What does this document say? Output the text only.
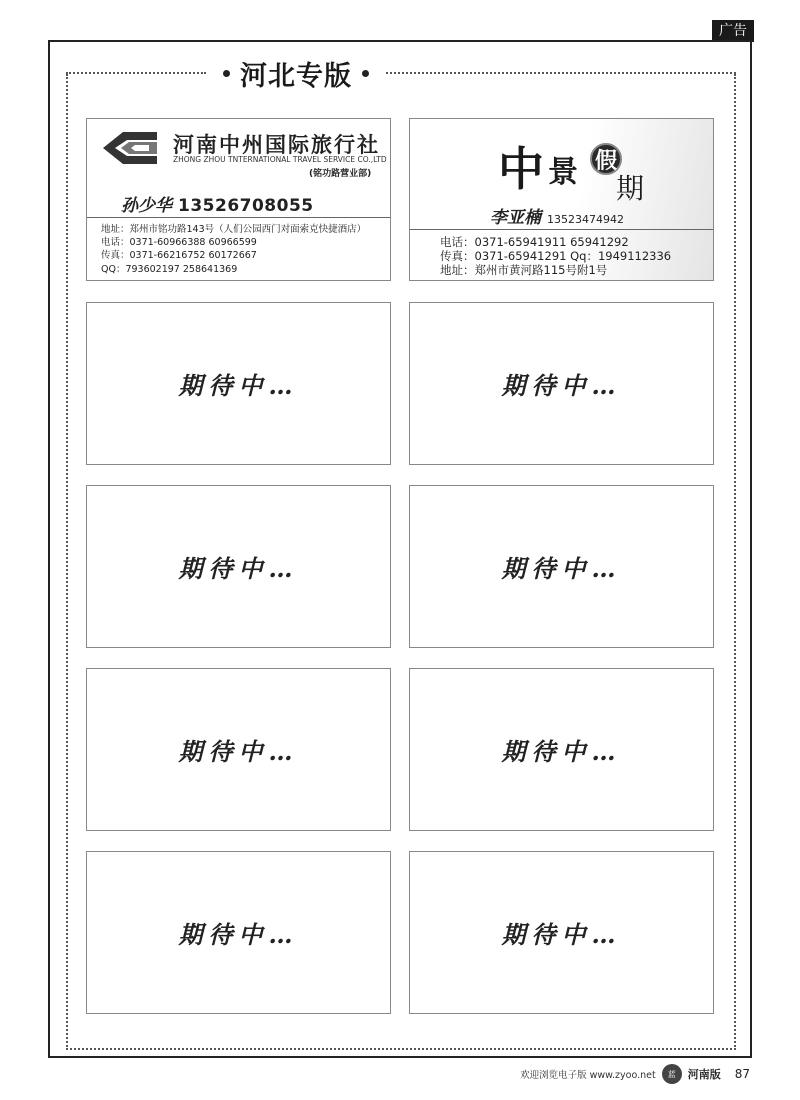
广告
河北专版
河南中州国际旅行社
ZHONG ZHOU TNTERNATIONAL TRAVEL SERVICE CO.,LTD
(铭功路营业部)
孙少华 13526708055
地址：郑州市铭功路143号（人们公园西门对面索克快捷酒店）
电话：0371-60966388 60966599
传真：0371-66216752 60172667
QQ：793602197 258641369
中 景 假
期
李亚楠 13523474942
电话：0371-65941911 65941292
传真：0371-65941291 Qq：1949112336
地址：郑州市黄河路115号附1号
期待中…	期待中…
期待中…	期待中…
期待中…	期待中…
期待中…	期待中…
欢迎浏览电子版 www.zyoo.net	蓝	河南版 87
